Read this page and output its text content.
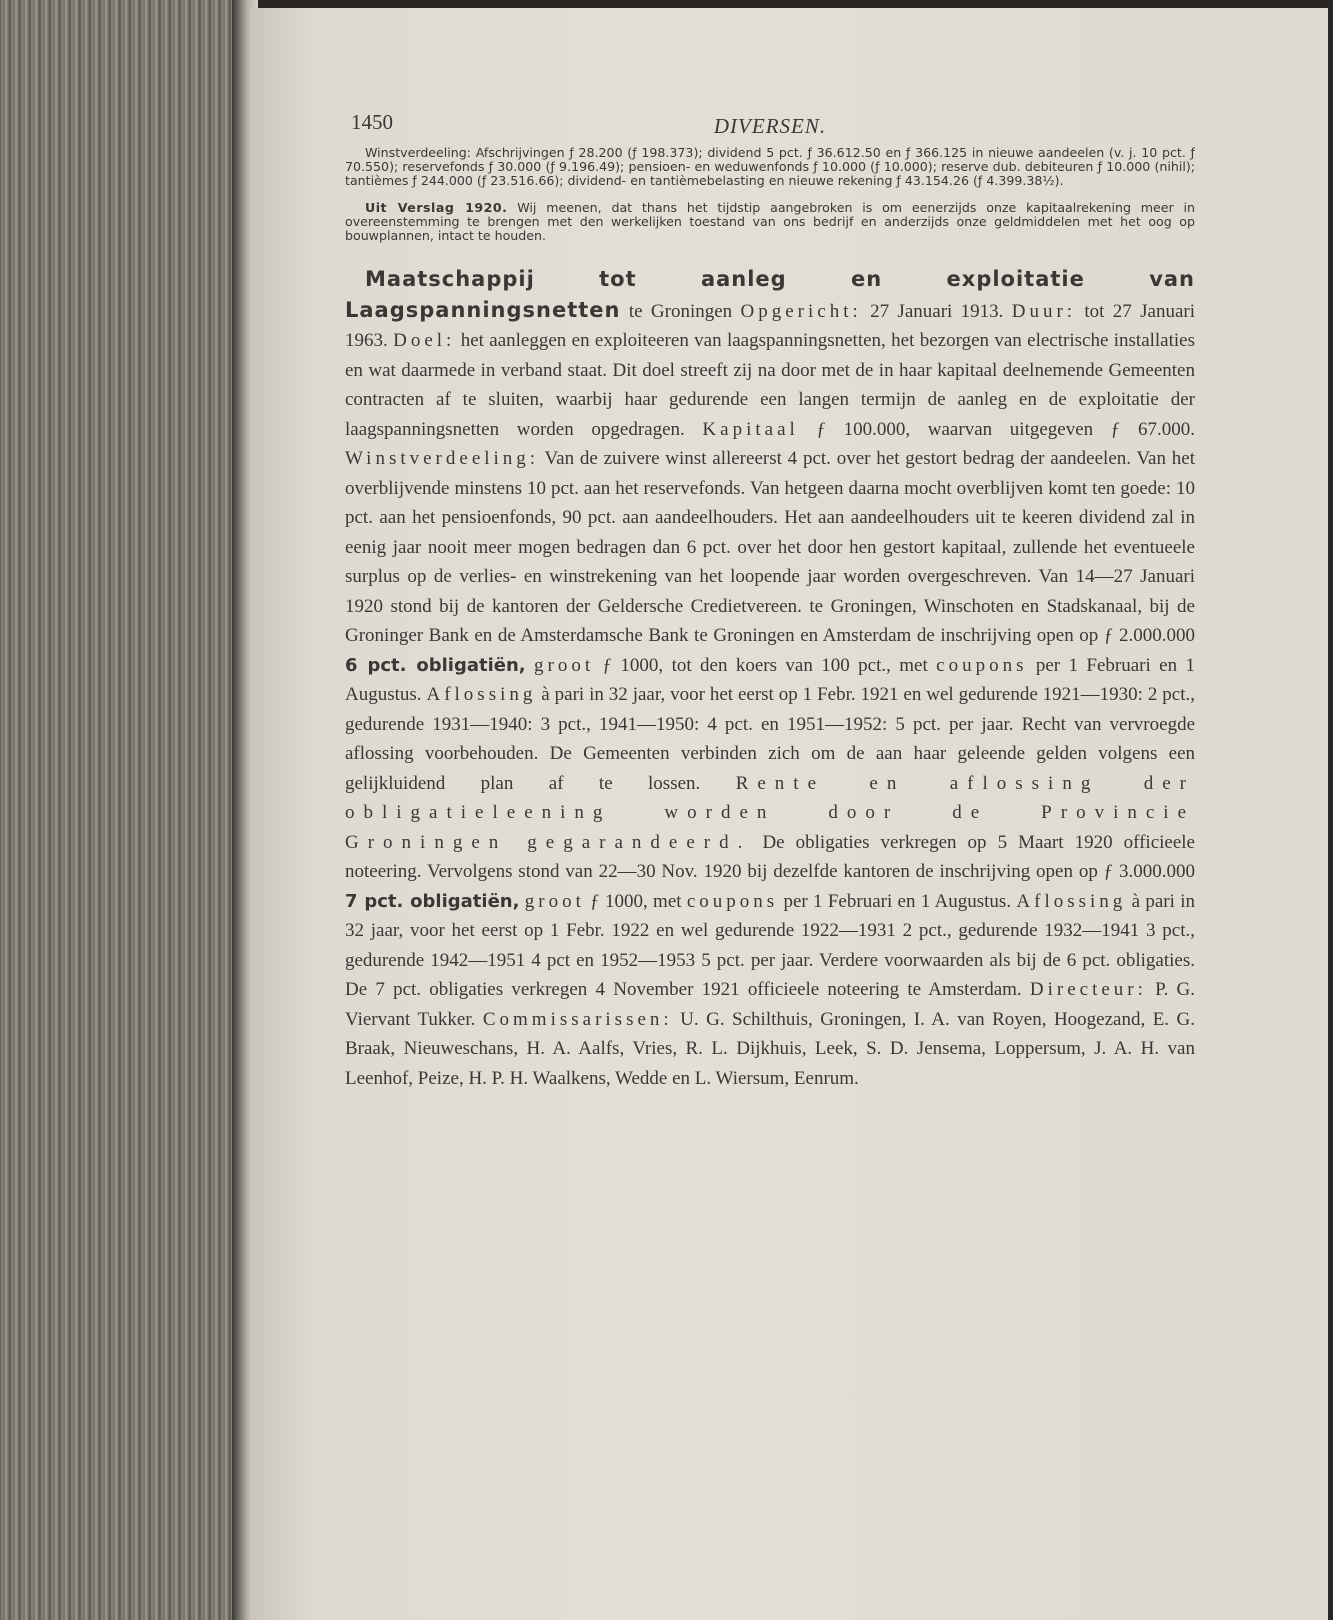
1450	DIVERSEN.

Winstverdeeling: Afschrijvingen ƒ 28.200 (ƒ 198.373); dividend 5 pct. ƒ 36.612.50 en ƒ 366.125 in nieuwe aandeelen (v. j. 10 pct. ƒ 70.550); reservefonds ƒ 30.000 (ƒ 9.196.49); pensioen- en weduwenfonds ƒ 10.000 (ƒ 10.000); reserve dub. debiteuren ƒ 10.000 (nihil); tantièmes ƒ 244.000 (ƒ 23.516.66); dividend- en tantièmebelasting en nieuwe rekening ƒ 43.154.26 (ƒ 4.399.38½).

Uit Verslag 1920. Wij meenen, dat thans het tijdstip aangebroken is om eenerzijds onze kapitaalrekening meer in overeenstemming te brengen met den werkelijken toestand van ons bedrijf en anderzijds onze geldmiddelen met het oog op bouwplannen, intact te houden.

Maatschappij tot aanleg en exploitatie van Laagspanningsnetten te Groningen Opgericht: 27 Januari 1913. Duur: tot 27 Januari 1963. Doel: het aanleggen en exploiteeren van laagspanningsnetten, het bezorgen van electrische installaties en wat daarmede in verband staat. Dit doel streeft zij na door met de in haar kapitaal deelnemende Gemeenten contracten af te sluiten, waarbij haar gedurende een langen termijn de aanleg en de exploitatie der laagspanningsnetten worden opgedragen. Kapitaal ƒ 100.000, waarvan uitgegeven ƒ 67.000. Winstverdeeling: Van de zuivere winst allereerst 4 pct. over het gestort bedrag der aandeelen. Van het overblijvende minstens 10 pct. aan het reservefonds. Van hetgeen daarna mocht overblijven komt ten goede: 10 pct. aan het pensioenfonds, 90 pct. aan aandeelhouders. Het aan aandeelhouders uit te keeren dividend zal in eenig jaar nooit meer mogen bedragen dan 6 pct. over het door hen gestort kapitaal, zullende het eventueele surplus op de verlies- en winstrekening van het loopende jaar worden overgeschreven. Van 14—27 Januari 1920 stond bij de kantoren der Geldersche Credietvereen. te Groningen, Winschoten en Stadskanaal, bij de Groninger Bank en de Amsterdamsche Bank te Groningen en Amsterdam de inschrijving open op ƒ 2.000.000 6 pct. obligatiën, groot ƒ 1000, tot den koers van 100 pct., met coupons per 1 Februari en 1 Augustus. Aflossing à pari in 32 jaar, voor het eerst op 1 Febr. 1921 en wel gedurende 1921—1930: 2 pct., gedurende 1931—1940: 3 pct., 1941—1950: 4 pct. en 1951—1952: 5 pct. per jaar. Recht van vervroegde aflossing voorbehouden. De Gemeenten verbinden zich om de aan haar geleende gelden volgens een gelijkluidend plan af te lossen. Rente en aflossing der obligatieleening worden door de Provincie Groningen gegarandeerd. De obligaties verkregen op 5 Maart 1920 officieele noteering. Vervolgens stond van 22—30 Nov. 1920 bij dezelfde kantoren de inschrijving open op ƒ 3.000.000 7 pct. obligatiën, groot ƒ 1000, met coupons per 1 Februari en 1 Augustus. Aflossing à pari in 32 jaar, voor het eerst op 1 Febr. 1922 en wel gedurende 1922—1931 2 pct., gedurende 1932—1941 3 pct., gedurende 1942—1951 4 pct en 1952—1953 5 pct. per jaar. Verdere voorwaarden als bij de 6 pct. obligaties. De 7 pct. obligaties verkregen 4 November 1921 officieele noteering te Amsterdam. Directeur: P. G. Viervant Tukker. Commissarissen: U. G. Schilthuis, Groningen, I. A. van Royen, Hoogezand, E. G. Braak, Nieuweschans, H. A. Aalfs, Vries, R. L. Dijkhuis, Leek, S. D. Jensema, Loppersum, J. A. H. van Leenhof, Peize, H. P. H. Waalkens, Wedde en L. Wiersum, Eenrum.
